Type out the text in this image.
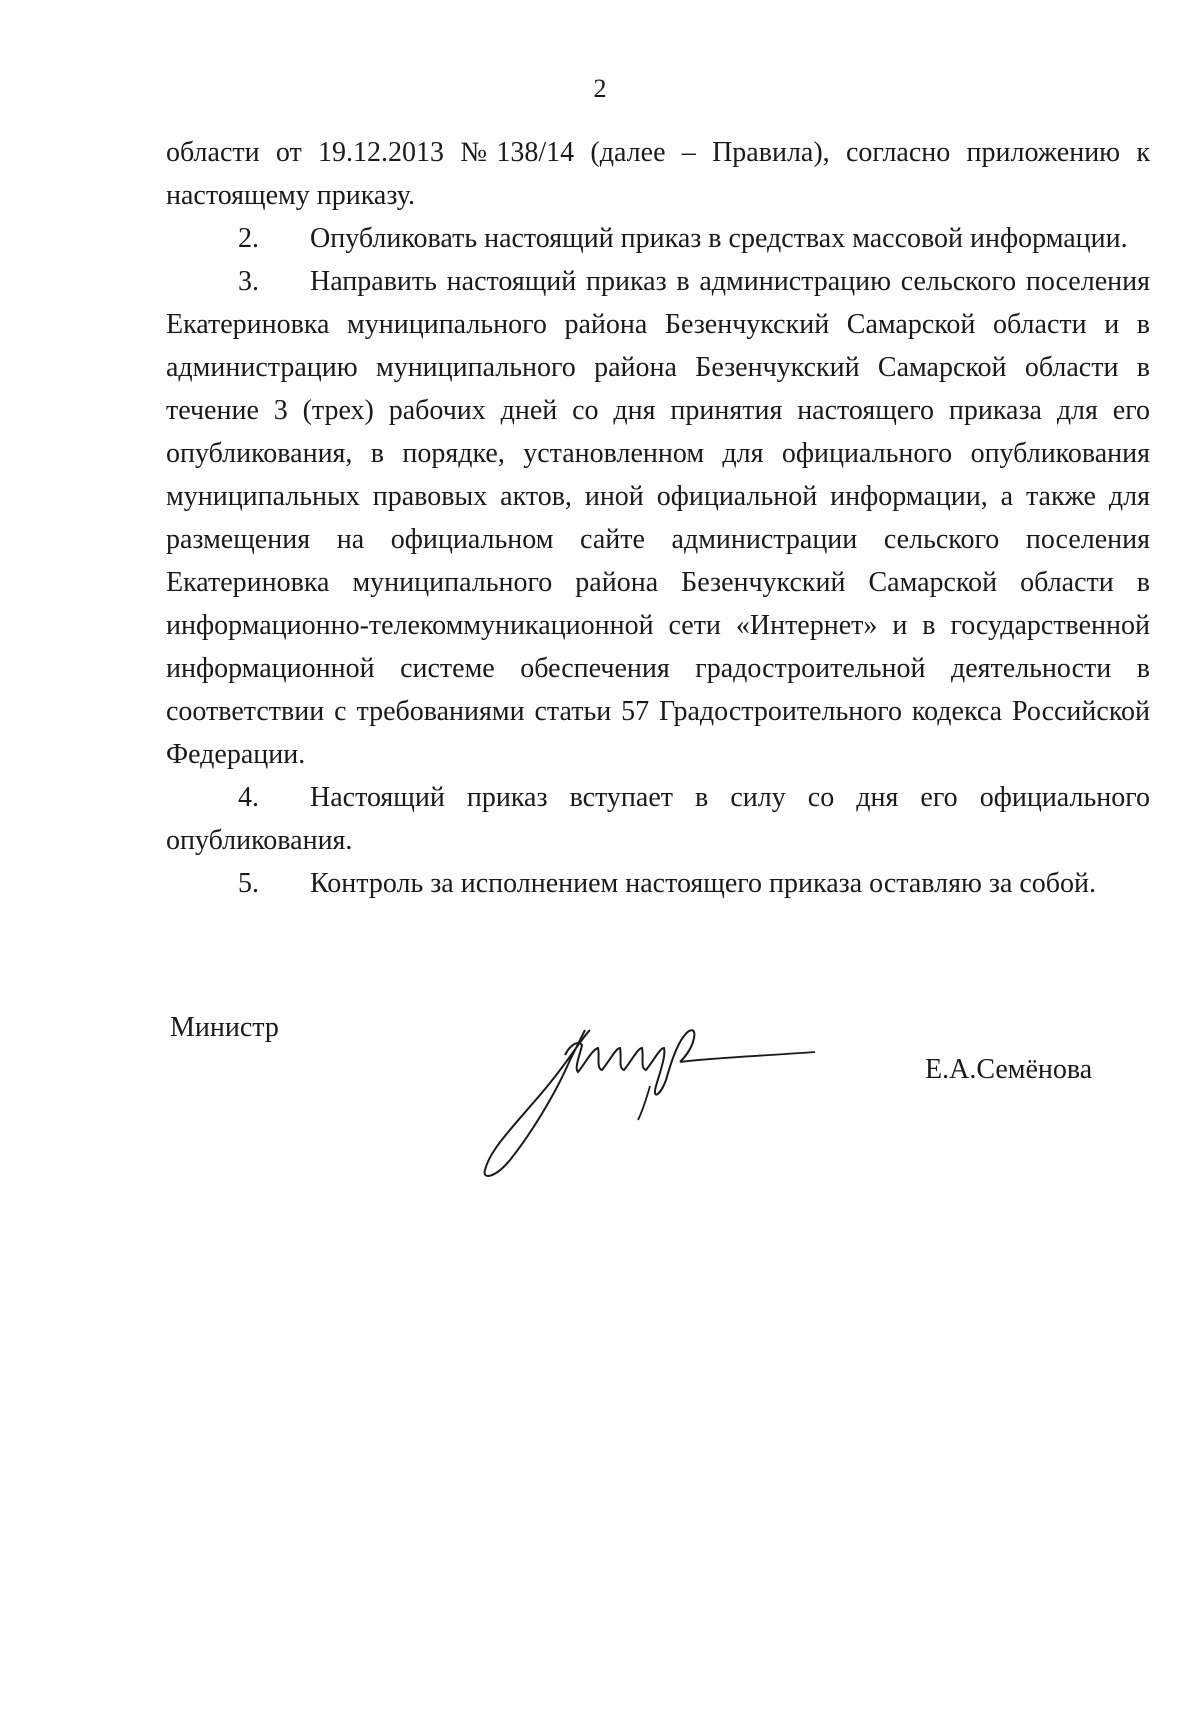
2

области от 19.12.2013 №138/14 (далее – Правила), согласно приложению к настоящему приказу.

2. Опубликовать настоящий приказ в средствах массовой информации.

3. Направить настоящий приказ в администрацию сельского поселения Екатериновка муниципального района Безенчукский Самарской области и в администрацию муниципального района Безенчукский Самарской области в течение 3 (трех) рабочих дней со дня принятия настоящего приказа для его опубликования, в порядке, установленном для официального опубликования муниципальных правовых актов, иной официальной информации, а также для размещения на официальном сайте администрации сельского поселения Екатериновка муниципального района Безенчукский Самарской области в информационно-телекоммуникационной сети «Интернет» и в государственной информационной системе обеспечения градостроительной деятельности в соответствии с требованиями статьи 57 Градостроительного кодекса Российской Федерации.

4. Настоящий приказ вступает в силу со дня его официального опубликования.

5. Контроль за исполнением настоящего приказа оставляю за собой.

Министр
Е.А.Семёнова
